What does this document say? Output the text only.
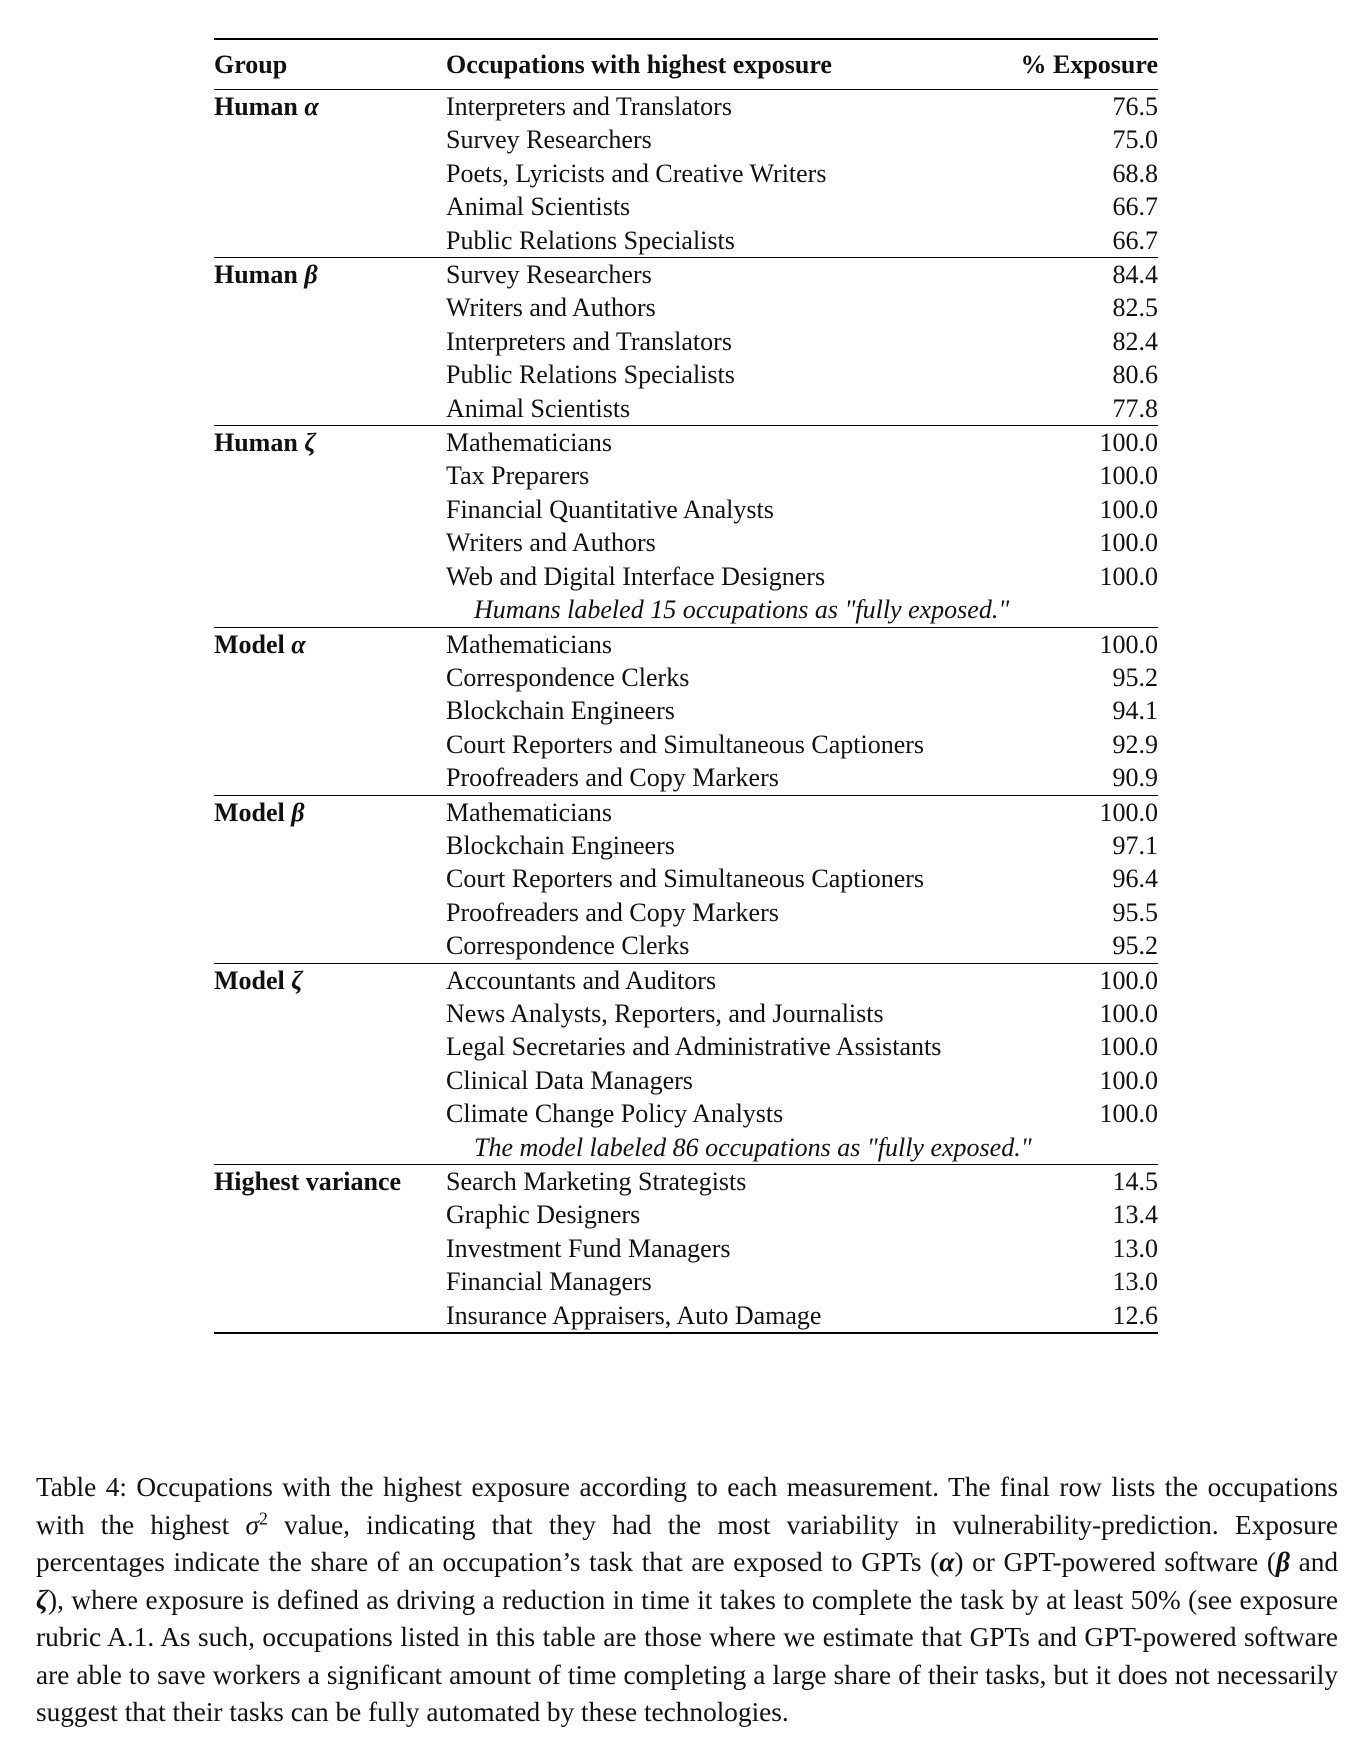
Group	Occupations with highest exposure	% Exposure
Human α	Interpreters and Translators	76.5
	Survey Researchers	75.0
	Poets, Lyricists and Creative Writers	68.8
	Animal Scientists	66.7
	Public Relations Specialists	66.7
Human β	Survey Researchers	84.4
	Writers and Authors	82.5
	Interpreters and Translators	82.4
	Public Relations Specialists	80.6
	Animal Scientists	77.8
Human ζ	Mathematicians	100.0
	Tax Preparers	100.0
	Financial Quantitative Analysts	100.0
	Writers and Authors	100.0
	Web and Digital Interface Designers	100.0
	Humans labeled 15 occupations as "fully exposed."	
Model α	Mathematicians	100.0
	Correspondence Clerks	95.2
	Blockchain Engineers	94.1
	Court Reporters and Simultaneous Captioners	92.9
	Proofreaders and Copy Markers	90.9
Model β	Mathematicians	100.0
	Blockchain Engineers	97.1
	Court Reporters and Simultaneous Captioners	96.4
	Proofreaders and Copy Markers	95.5
	Correspondence Clerks	95.2
Model ζ	Accountants and Auditors	100.0
	News Analysts, Reporters, and Journalists	100.0
	Legal Secretaries and Administrative Assistants	100.0
	Clinical Data Managers	100.0
	Climate Change Policy Analysts	100.0
	The model labeled 86 occupations as "fully exposed."	
Highest variance	Search Marketing Strategists	14.5
	Graphic Designers	13.4
	Investment Fund Managers	13.0
	Financial Managers	13.0
	Insurance Appraisers, Auto Damage	12.6

Table 4: Occupations with the highest exposure according to each measurement. The final row lists the occupations with the highest $\sigma^2$ value, indicating that they had the most variability in vulnerability-prediction. Exposure percentages indicate the share of an occupation’s task that are exposed to GPTs (α) or GPT-powered software (β and ζ), where exposure is defined as driving a reduction in time it takes to complete the task by at least 50% (see exposure rubric A.1. As such, occupations listed in this table are those where we estimate that GPTs and GPT-powered software are able to save workers a significant amount of time completing a large share of their tasks, but it does not necessarily suggest that their tasks can be fully automated by these technologies.
